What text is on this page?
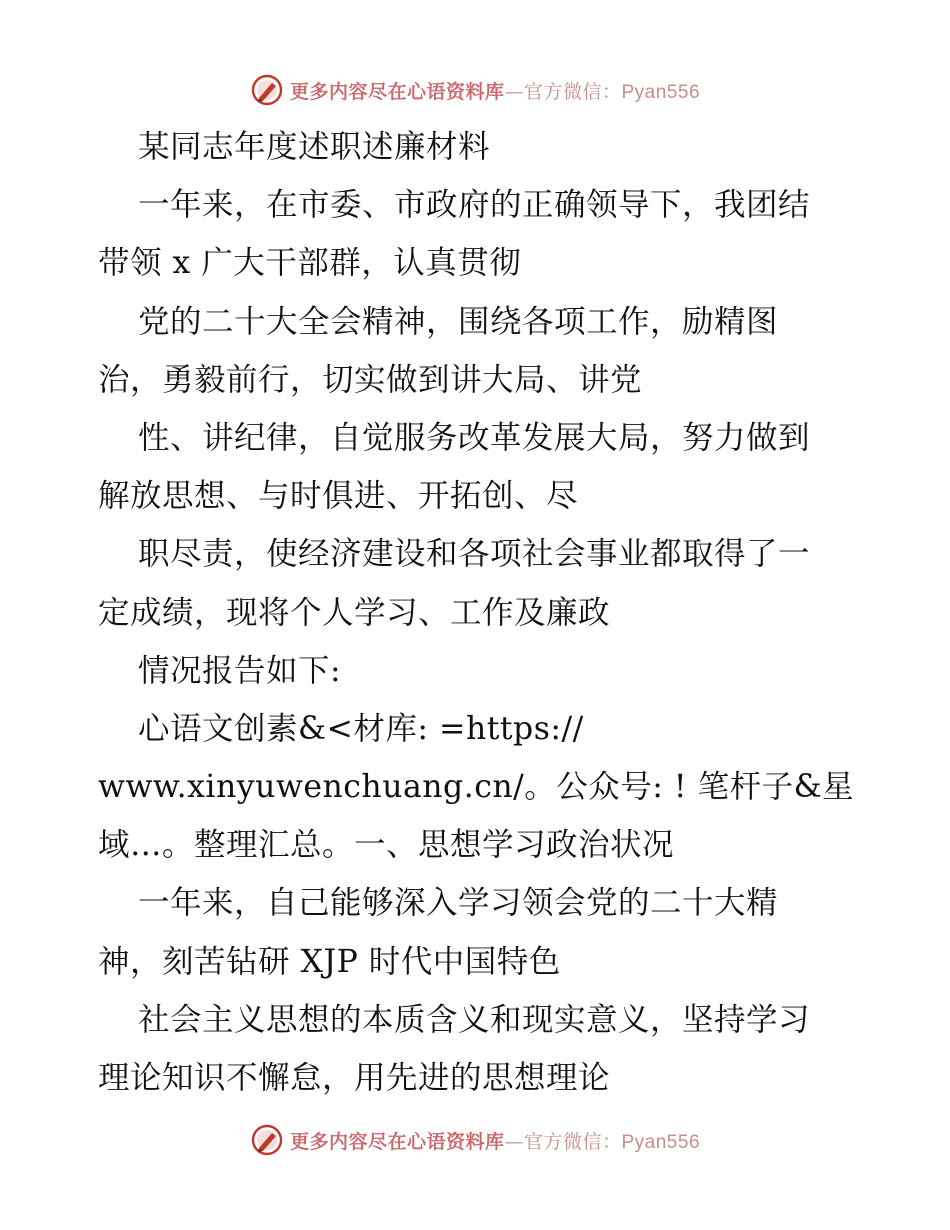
更多内容尽在心语资料库—官方微信：Pyan556
某同志年度述职述廉材料
一年来，在市委、市政府的正确领导下，我团结
带领 x 广大干部群，认真贯彻
党的二十大全会精神，围绕各项工作，励精图
治，勇毅前行，切实做到讲大局、讲党
性、讲纪律，自觉服务改革发展大局，努力做到
解放思想、与时俱进、开拓创、尽
职尽责，使经济建设和各项社会事业都取得了一
定成绩，现将个人学习、工作及廉政
情况报告如下:
心语文创素&<材库: =https://
www.xinyuwenchuang.cn/。公众号: ! 笔杆子&星
域…。整理汇总。一、思想学习政治状况
一年来，自己能够深入学习领会党的二十大精
神，刻苦钻研 XJP 时代中国特色
社会主义思想的本质含义和现实意义，坚持学习
理论知识不懈怠，用先进的思想理论
更多内容尽在心语资料库—官方微信：Pyan556
